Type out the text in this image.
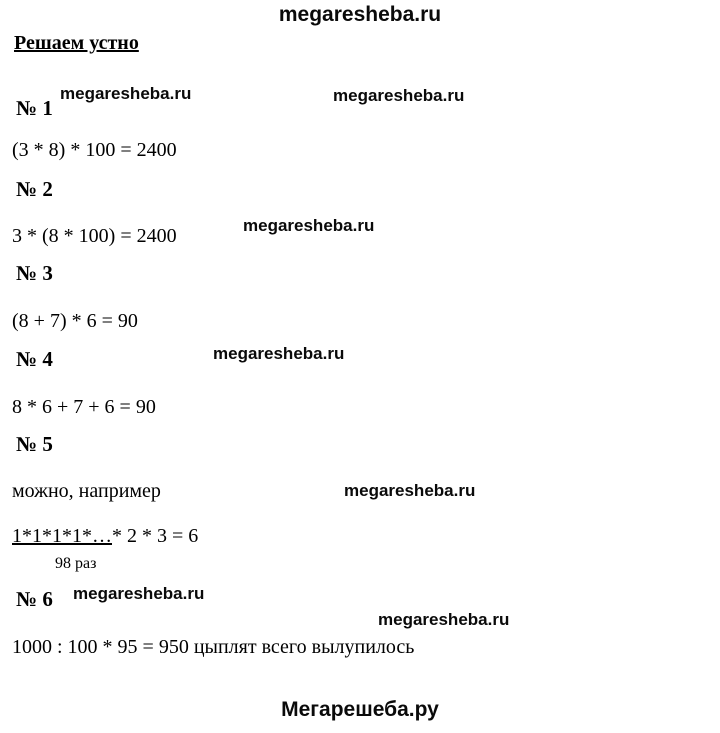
megaresheba.ru
Решаем устно
megaresheba.ru	megaresheba.ru
megaresheba.ru
megaresheba.ru
megaresheba.ru
megaresheba.ru
megaresheba.ru
№ 1
(3 * 8) * 100 = 2400
№ 2
3 * (8 * 100) = 2400
№ 3
(8 + 7) * 6 = 90
№ 4
8 * 6 + 7 + 6 = 90
№ 5
можно, например
1*1*1*1*…* 2 * 3 = 6
98 раз
№ 6
1000 : 100 * 95 = 950 цыплят всего вылупилось
Мегарешеба.ру
